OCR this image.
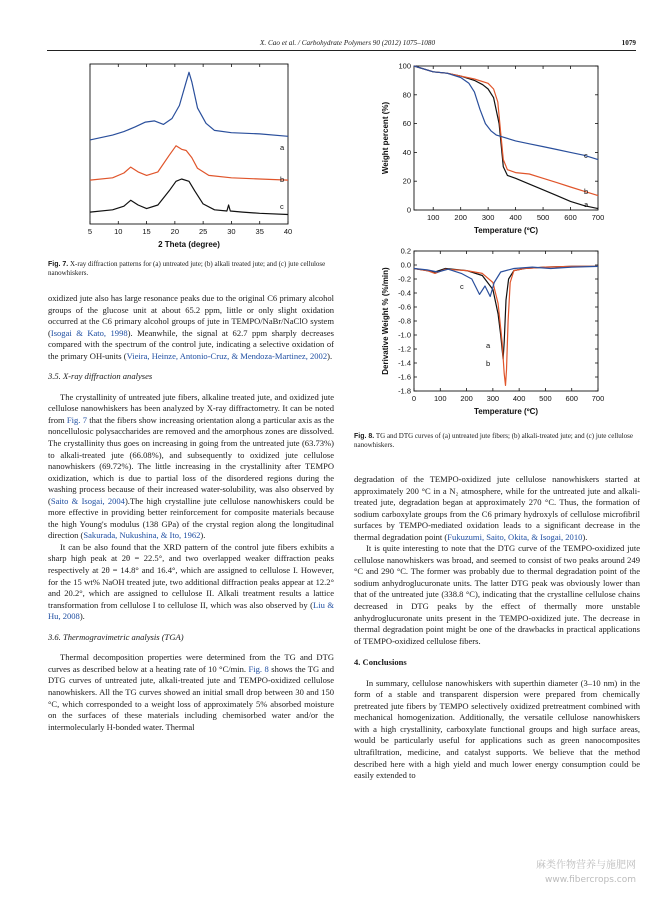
X. Cao et al. / Carbohydrate Polymers 90 (2012) 1075–1080	1079
5	10	15	20	25	30	35	40
a
b
c
2 Theta (degree)
Fig. 7. X-ray diffraction patterns for (a) untreated jute; (b) alkali treated jute; and (c) jute cellulose nanowhiskers.
100 200 300 400 500 600 700
0
20
40
60
80
100
a
b
c
Temperature (ºC)
Weight percent (%)
0 100 200 300 400 500 600 700
0.2
0.0
-0.2
-0.4
-0.6
-0.8
-1.0
-1.2
-1.4
-1.6
-1.8
a
b
c
Temperature (ºC)
Derivative Weight % (%/min)
Fig. 8. TG and DTG curves of (a) untreated jute fibers; (b) alkali-treated jute; and (c) jute cellulose nanowhiskers.

oxidized jute also has large resonance peaks due to the original C6 primary alcohol groups of the glucose unit at about 65.2 ppm, little or only slight oxidation occurred at the C6 primary alcohol groups of jute in TEMPO/NaBr/NaClO system (Isogai & Kato, 1998). Meanwhile, the signal at 62.7 ppm sharply decreases compared with the spectrum of the control jute, indicating a selective oxidation of the primary OH-units (Vieira, Heinze, Antonio-Cruz, & Mendoza-Martinez, 2002).

3.5. X-ray diffraction analyses

The crystallinity of untreated jute fibers, alkaline treated jute, and oxidized jute cellulose nanowhiskers has been analyzed by X-ray diffractometry. It can be noted from Fig. 7 that the fibers show increasing orientation along a particular axis as the noncellulosic polysaccharides are removed and the amorphous zones are dissolved. The crystallinity thus goes on increasing in going from the untreated jute (63.73%) to alkali-treated jute (66.08%), and subsequently to oxidized jute cellulose nanowhiskers (69.72%). The little increasing in the crystallinity after TEMPO oxidization, which is due to partial loss of the disordered regions during the washing process because of their increased water-solubility, was also observed by (Saito & Isogai, 2004).The high crystalline jute cellulose nanowhiskers could be more effective in providing better reinforcement for composite materials because the high Young's modulus (138 GPa) of the crystal region along the longitudinal direction (Sakurada, Nukushina, & Ito, 1962).

It can be also found that the XRD pattern of the control jute fibers exhibits a sharp high peak at 2θ = 22.5°, and two overlapped weaker diffraction peaks respectively at 2θ = 14.8° and 16.4°, which are assigned to cellulose I. However, for the 15 wt% NaOH treated jute, two additional diffraction peaks appear at 12.2° and 20.2°, which are assigned to cellulose II. Alkali treatment results a lattice transformation from cellulose I to cellulose II, which was also observed by (Liu & Hu, 2008).

3.6. Thermogravimetric analysis (TGA)

Thermal decomposition properties were determined from the TG and DTG curves as described below at a heating rate of 10 °C/min. Fig. 8 shows the TG and DTG curves of untreated jute, alkali-treated jute and TEMPO-oxidized cellulose nanowhiskers. All the TG curves showed an initial small drop between 30 and 150 °C, which corresponded to a weight loss of approximately 5% absorbed moisture on the surfaces of these materials including chemisorbed water and/or the intermolecularly H-bonded water. Thermal

degradation of the TEMPO-oxidized jute cellulose nanowhiskers started at approximately 200 °C in a N₂ atmosphere, while for the untreated jute and alkali-treated jute, degradation began at approximately 270 °C. Thus, the formation of sodium carboxylate groups from the C6 primary hydroxyls of cellulose microfibril surfaces by TEMPO-mediated oxidation leads to a significant decrease in the thermal degradation point (Fukuzumi, Saito, Okita, & Isogai, 2010).

It is quite interesting to note that the DTG curve of the TEMPO-oxidized jute cellulose nanowhiskers was broad, and seemed to consist of two peaks around 249 °C and 290 °C. The former was probably due to thermal degradation point of the sodium anhydroglucuronate units. The latter DTG peak was obviously lower than that of the untreated jute (338.8 °C), indicating that the crystalline cellulose chains decreased in DTG peaks by the effect of thermally more unstable anhydroglucuronate units present in the TEMPO-oxidized jute. The decrease in thermal degradation point might be one of the drawbacks in practical applications of TEMPO-oxidized cellulose fibers.

4. Conclusions

In summary, cellulose nanowhiskers with superthin diameter (3–10 nm) in the form of a stable and transparent dispersion were prepared from chemically pretreated jute fibers by TEMPO selectively oxidized pretreatment combined with mechanical homogenization. Additionally, the versatile cellulose nanowhiskers with a high crystallinity, carboxylate functional groups and high surface areas, would be particularly useful for applications such as green nanocomposites ultrafiltration, medicine, and catalyst supports. We believe that the method described here with a high yield and much lower energy consumption could be easily extended to

麻类作物营养与施肥网
www.fibercrops.com
